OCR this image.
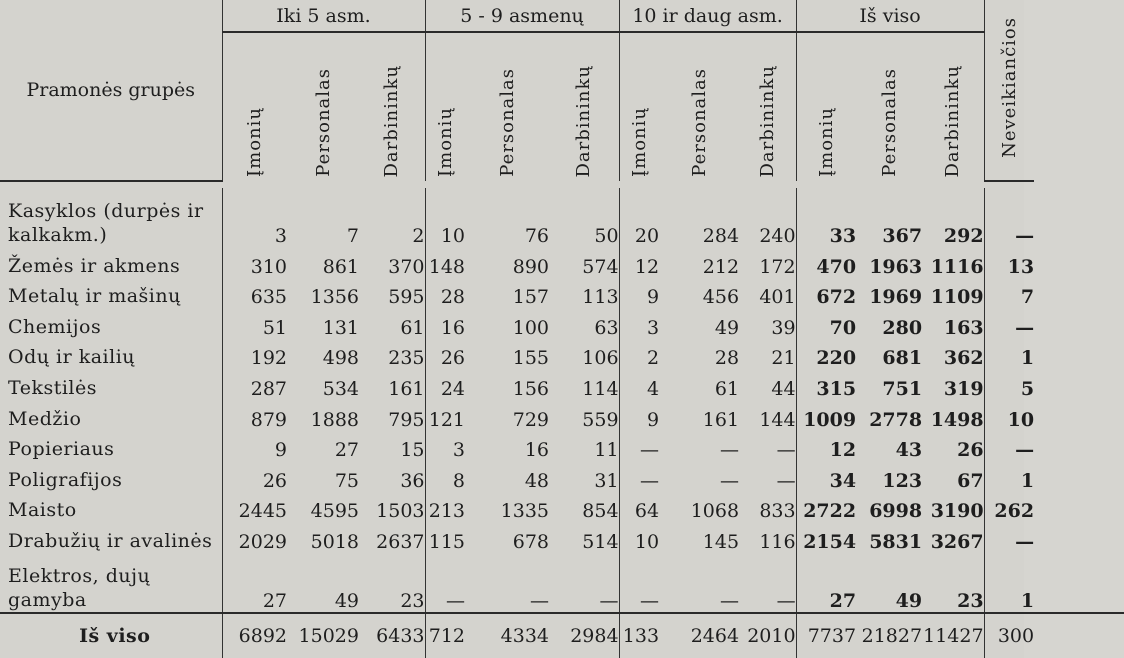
Pramonės grupės	Iki 5 asm.			5 - 9 asmenų			10 ir daug asm.			Iš viso			Neveikiančios	
	Įmonių	Personalas	Darbininkų	Įmonių	Personalas	Darbininkų	Įmonių	Personalas	Darbininkų	Įmonių	Personalas	Darbininkų		

Kasyklos (durpės ir kalkakm.)	3	7	2	10	76	50	20	284	240	33	367	292	—	
Žemės ir akmens	310	861	370	148	890	574	12	212	172	470	1963	1116	13	
Metalų ir mašinų	635	1356	595	28	157	113	9	456	401	672	1969	1109	7	
Chemijos	51	131	61	16	100	63	3	49	39	70	280	163	—	
Odų ir kailių	192	498	235	26	155	106	2	28	21	220	681	362	1	
Tekstilės	287	534	161	24	156	114	4	61	44	315	751	319	5	
Medžio	879	1888	795	121	729	559	9	161	144	1009	2778	1498	10	
Popieriaus	9	27	15	3	16	11	—	—	—	12	43	26	—	
Poligrafijos	26	75	36	8	48	31	—	—	—	34	123	67	1	
Maisto	2445	4595	1503	213	1335	854	64	1068	833	2722	6998	3190	262	
Drabužių ir avalinės	2029	5018	2637	115	678	514	10	145	116	2154	5831	3267	—	
Elektros, dujų gamyba	27	49	23	—	—	—	—	—	—	27	49	23	1	
Iš viso	6892	15029	6433	712	4334	2984	133	2464	2010	7737	21827	11427	300	
